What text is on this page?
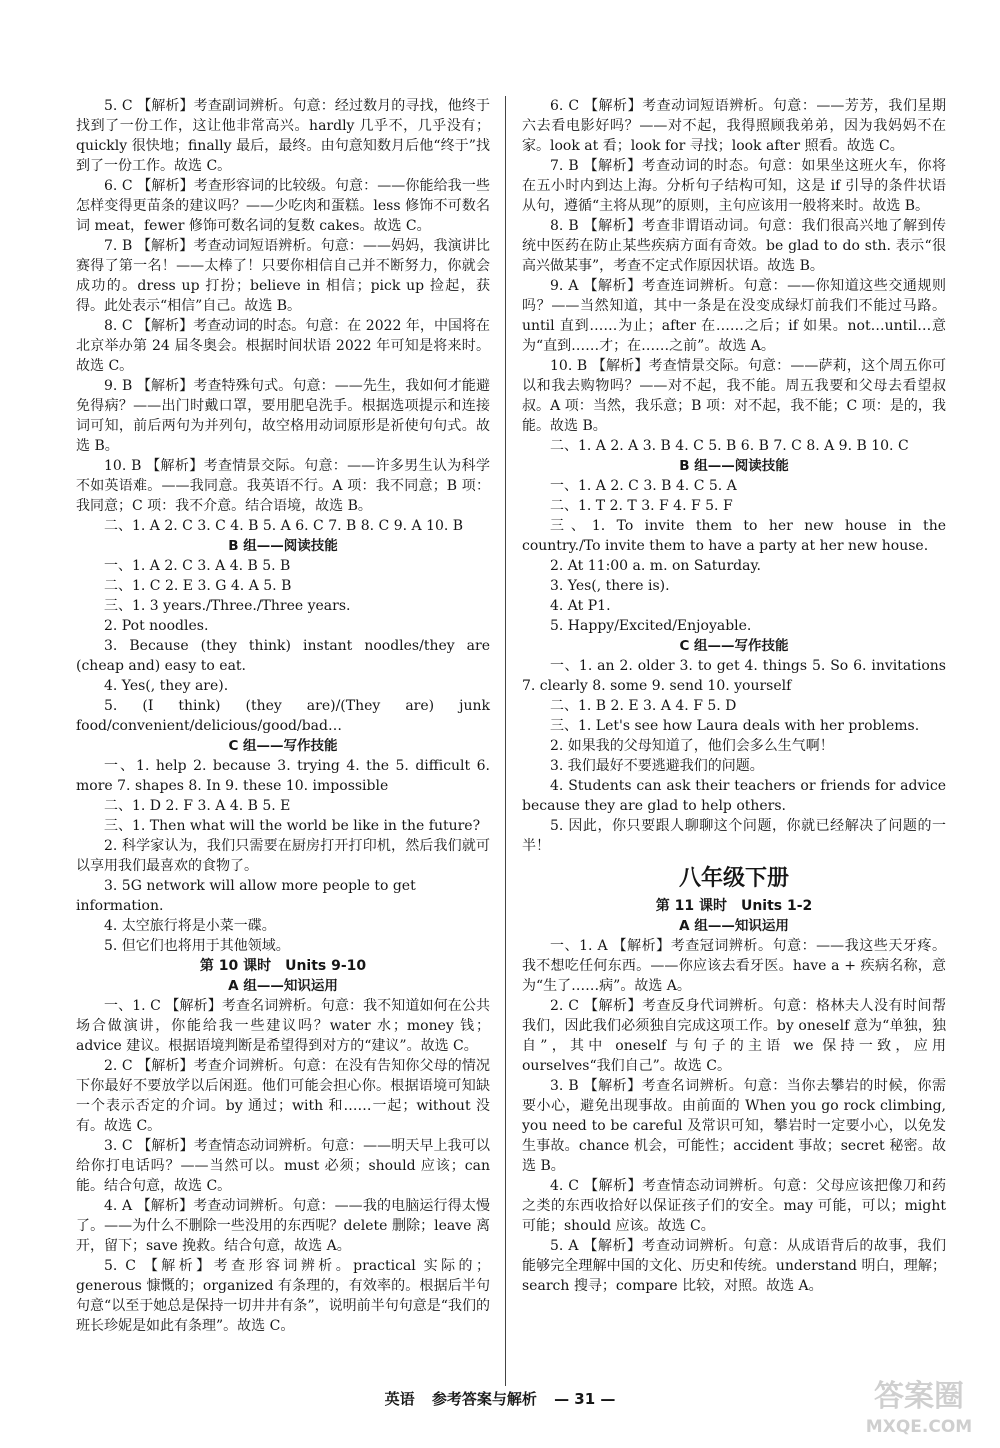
5. C 【解析】考查副词辨析。句意：经过数月的寻找，他终于找到了一份工作，这让他非常高兴。hardly 几乎不，几乎没有；quickly 很快地；finally 最后，最终。由句意知数月后他“终于”找到了一份工作。故选 C。

6. C 【解析】考查形容词的比较级。句意：——你能给我一些怎样变得更苗条的建议吗？——少吃肉和蛋糕。less 修饰不可数名词 meat，fewer 修饰可数名词的复数 cakes。故选 C。

7. B 【解析】考查动词短语辨析。句意：——妈妈，我演讲比赛得了第一名！——太棒了！只要你相信自己并不断努力，你就会成功的。dress up 打扮；believe in 相信；pick up 捡起，获得。此处表示“相信”自己。故选 B。

8. C 【解析】考查动词的时态。句意：在 2022 年，中国将在北京举办第 24 届冬奥会。根据时间状语 2022 年可知是将来时。故选 C。

9. B 【解析】考查特殊句式。句意：——先生，我如何才能避免得病？——出门时戴口罩，要用肥皂洗手。根据选项提示和连接词可知，前后两句为并列句，故空格用动词原形是祈使句句式。故选 B。

10. B 【解析】考查情景交际。句意：——许多男生认为科学不如英语难。——我同意。我英语不行。A 项：我不同意；B 项：我同意；C 项：我不介意。结合语境，故选 B。

二、1. A 2. C 3. C 4. B 5. A 6. C 7. B 8. C 9. A 10. B

B 组——阅读技能

一、1. A 2. C 3. A 4. B 5. B

二、1. C 2. E 3. G 4. A 5. B

三、1. 3 years./Three./Three years.

2. Pot noodles.

3. Because (they think) instant noodles/they are (cheap and) easy to eat.

4. Yes(, they are).

5. (I think) (they are)/(They are) junk food/convenient/delicious/good/bad…

C 组——写作技能

一、1. help 2. because 3. trying 4. the 5. difficult 6. more 7. shapes 8. In 9. these 10. impossible

二、1. D 2. F 3. A 4. B 5. E

三、1. Then what will the world be like in the future?

2. 科学家认为，我们只需要在厨房打开打印机，然后我们就可以享用我们最喜欢的食物了。

3. 5G network will allow more people to get information.

4. 太空旅行将是小菜一碟。

5. 但它们也将用于其他领域。

第 10 课时　Units 9-10

A 组——知识运用

一、1. C 【解析】考查名词辨析。句意：我不知道如何在公共场合做演讲，你能给我一些建议吗？water 水；money 钱；advice 建议。根据语境判断是希望得到对方的“建议”。故选 C。

2. C 【解析】考查介词辨析。句意：在没有告知你父母的情况下你最好不要放学以后闲逛。他们可能会担心你。根据语境可知缺一个表示否定的介词。by 通过；with 和……一起；without 没有。故选 C。

3. C 【解析】考查情态动词辨析。句意：——明天早上我可以给你打电话吗？——当然可以。must 必须；should 应该；can 能。结合句意，故选 C。

4. A 【解析】考查动词辨析。句意：——我的电脑运行得太慢了。——为什么不删除一些没用的东西呢？delete 删除；leave 离开，留下；save 挽救。结合句意，故选 A。

5. C 【解析】考查形容词辨析。practical 实际的；generous 慷慨的；organized 有条理的，有效率的。根据后半句句意“以至于她总是保持一切井井有条”，说明前半句句意是“我们的班长珍妮是如此有条理”。故选 C。

6. C 【解析】考查动词短语辨析。句意：——芳芳，我们星期六去看电影好吗？——对不起，我得照顾我弟弟，因为我妈妈不在家。look at 看；look for 寻找；look after 照看。故选 C。

7. B 【解析】考查动词的时态。句意：如果坐这班火车，你将在五小时内到达上海。分析句子结构可知，这是 if 引导的条件状语从句，遵循“主将从现”的原则，主句应该用一般将来时。故选 B。

8. B 【解析】考查非谓语动词。句意：我们很高兴地了解到传统中医药在防止某些疾病方面有奇效。be glad to do sth. 表示“很高兴做某事”，考查不定式作原因状语。故选 B。

9. A 【解析】考查连词辨析。句意：——你知道这些交通规则吗？——当然知道，其中一条是在没变成绿灯前我们不能过马路。until 直到……为止；after 在……之后；if 如果。not…until…意为“直到……才；在……之前”。故选 A。

10. B 【解析】考查情景交际。句意：——萨莉，这个周五你可以和我去购物吗？——对不起，我不能。周五我要和父母去看望叔叔。A 项：当然，我乐意；B 项：对不起，我不能；C 项：是的，我能。故选 B。

二、1. A 2. A 3. B 4. C 5. B 6. B 7. C 8. A 9. B 10. C

B 组——阅读技能

一、1. A 2. C 3. B 4. C 5. A

二、1. T 2. T 3. F 4. F 5. F

三、1. To invite them to her new house in the country./To invite them to have a party at her new house.

2. At 11:00 a. m. on Saturday.

3. Yes(, there is).

4. At P1.

5. Happy/Excited/Enjoyable.

C 组——写作技能

一、1. an 2. older 3. to get 4. things 5. So 6. invitations 7. clearly 8. some 9. send 10. yourself

二、1. B 2. E 3. A 4. F 5. D

三、1. Let's see how Laura deals with her problems.

2. 如果我的父母知道了，他们会多么生气啊！

3. 我们最好不要逃避我们的问题。

4. Students can ask their teachers or friends for advice because they are glad to help others.

5. 因此，你只要跟人聊聊这个问题，你就已经解决了问题的一半！

八年级下册

第 11 课时　Units 1-2

A 组——知识运用

一、1. A 【解析】考查冠词辨析。句意：——我这些天牙疼。我不想吃任何东西。——你应该去看牙医。have a + 疾病名称，意为“生了……病”。故选 A。

2. C 【解析】考查反身代词辨析。句意：格林夫人没有时间帮我们，因此我们必须独自完成这项工作。by oneself 意为“单独，独自”，其中 oneself 与句子的主语 we 保持一致，应用 ourselves“我们自己”。故选 C。

3. B 【解析】考查名词辨析。句意：当你去攀岩的时候，你需要小心，避免出现事故。由前面的 When you go rock climbing, you need to be careful 及常识可知，攀岩时一定要小心，以免发生事故。chance 机会，可能性；accident 事故；secret 秘密。故选 B。

4. C 【解析】考查情态动词辨析。句意：父母应该把像刀和药之类的东西收拾好以保证孩子们的安全。may 可能，可以；might 可能；should 应该。故选 C。

5. A 【解析】考查动词辨析。句意：从成语背后的故事，我们能够完全理解中国的文化、历史和传统。understand 明白，理解；search 搜寻；compare 比较，对照。故选 A。

英语 参考答案与解析 — 31 —	答案圈
MXQE.COM
